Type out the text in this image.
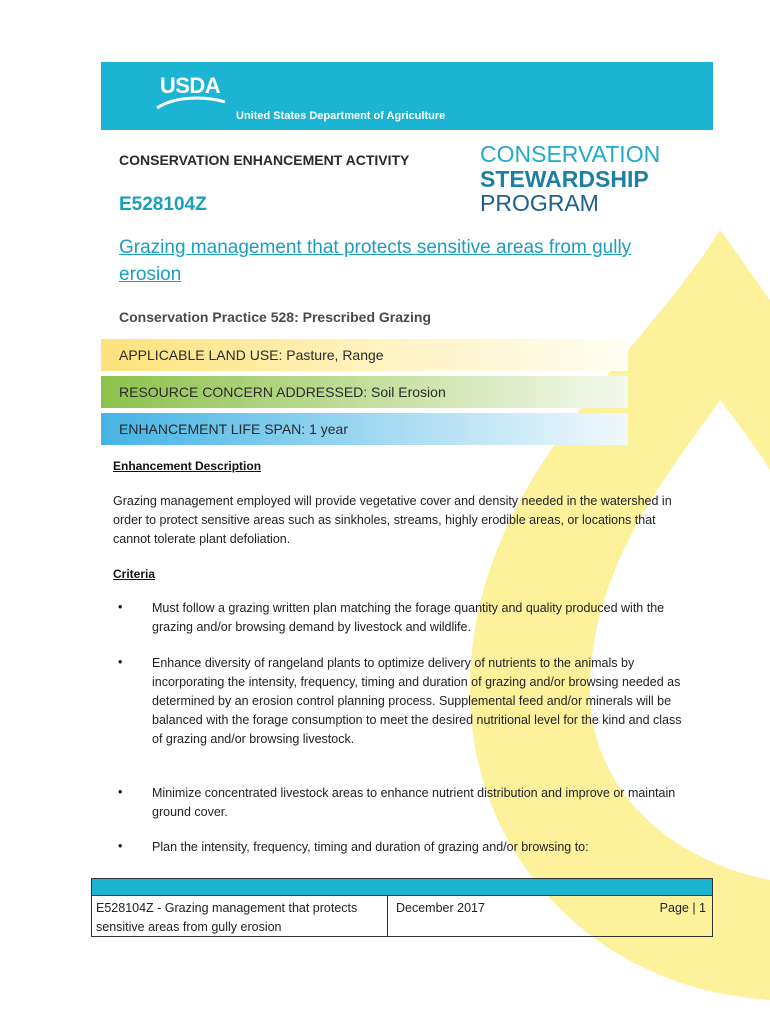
USDA
United States Department of Agriculture
CONSERVATION ENHANCEMENT ACTIVITY
E528104Z
CONSERVATION
STEWARDSHIP
PROGRAM
Grazing management that protects sensitive areas from gully erosion
Conservation Practice 528: Prescribed Grazing
APPLICABLE LAND USE: Pasture, Range
RESOURCE CONCERN ADDRESSED: Soil Erosion
ENHANCEMENT LIFE SPAN: 1 year
Enhancement Description
Grazing management employed will provide vegetative cover and density needed in the watershed in order to protect sensitive areas such as sinkholes, streams, highly erodible areas, or locations that cannot tolerate plant defoliation.
Criteria
• Must follow a grazing written plan matching the forage quantity and quality produced with the grazing and/or browsing demand by livestock and wildlife.
• Enhance diversity of rangeland plants to optimize delivery of nutrients to the animals by incorporating the intensity, frequency, timing and duration of grazing and/or browsing needed as determined by an erosion control planning process. Supplemental feed and/or minerals will be balanced with the forage consumption to meet the desired nutritional level for the kind and class of grazing and/or browsing livestock.
• Minimize concentrated livestock areas to enhance nutrient distribution and improve or maintain ground cover.
• Plan the intensity, frequency, timing and duration of grazing and/or browsing to:
E528104Z - Grazing management that protects sensitive areas from gully erosion
December 2017	Page | 1
